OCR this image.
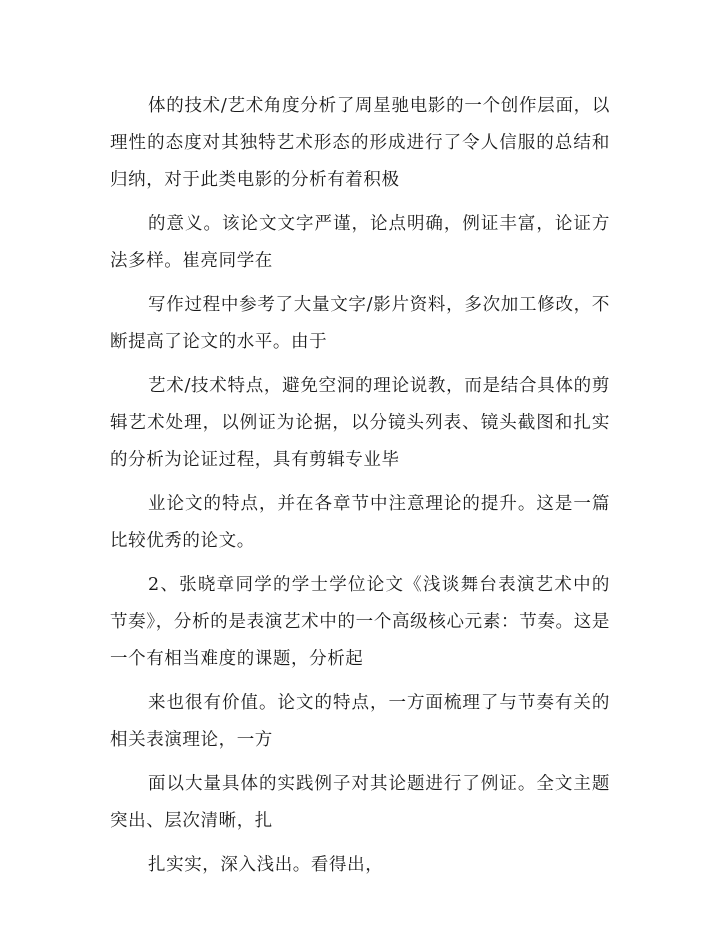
体的技术/艺术角度分析了周星驰电影的一个创作层面，以理性的态度对其独特艺术形态的形成进行了令人信服的总结和归纳，对于此类电影的分析有着积极

的意义。该论文文字严谨，论点明确，例证丰富，论证方法多样。崔亮同学在

写作过程中参考了大量文字/影片资料，多次加工修改，不断提高了论文的水平。由于

艺术/技术特点，避免空洞的理论说教，而是结合具体的剪辑艺术处理，以例证为论据，以分镜头列表、镜头截图和扎实的分析为论证过程，具有剪辑专业毕

业论文的特点，并在各章节中注意理论的提升。这是一篇比较优秀的论文。

2、张晓章同学的学士学位论文《浅谈舞台表演艺术中的节奏》，分析的是表演艺术中的一个高级核心元素：节奏。这是一个有相当难度的课题，分析起

来也很有价值。论文的特点，一方面梳理了与节奏有关的相关表演理论，一方

面以大量具体的实践例子对其论题进行了例证。全文主题突出、层次清晰，扎

扎实实，深入浅出。看得出，
